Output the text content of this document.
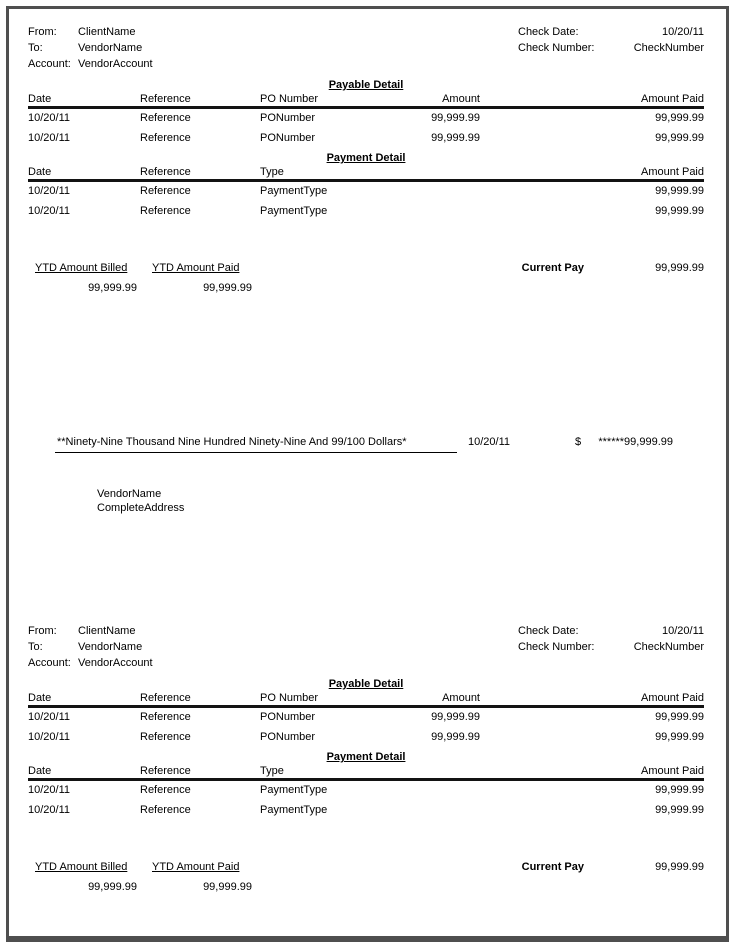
From:	ClientName	Check Date:	10/20/11
To:	VendorName	Check Number:	CheckNumber
Account: VendorAccount
Payable Detail
Date	Reference	PO Number	Amount	Amount Paid
10/20/11	Reference	PONumber	99,999.99	99,999.99
10/20/11	Reference	PONumber	99,999.99	99,999.99
Payment Detail
Date	Reference	Type	Amount Paid
10/20/11	Reference	PaymentType	99,999.99
10/20/11	Reference	PaymentType	99,999.99
YTD Amount Billed	YTD Amount Paid	Current Pay	99,999.99
99,999.99	99,999.99
**Ninety-Nine Thousand Nine Hundred Ninety-Nine And 99/100 Dollars*	10/20/11	$	******99,999.99
VendorName
CompleteAddress
From:	ClientName	Check Date:	10/20/11
To:	VendorName	Check Number:	CheckNumber
Account: VendorAccount
Payable Detail
Date	Reference	PO Number	Amount	Amount Paid
10/20/11	Reference	PONumber	99,999.99	99,999.99
10/20/11	Reference	PONumber	99,999.99	99,999.99
Payment Detail
Date	Reference	Type	Amount Paid
10/20/11	Reference	PaymentType	99,999.99
10/20/11	Reference	PaymentType	99,999.99
YTD Amount Billed	YTD Amount Paid	Current Pay	99,999.99
99,999.99	99,999.99
